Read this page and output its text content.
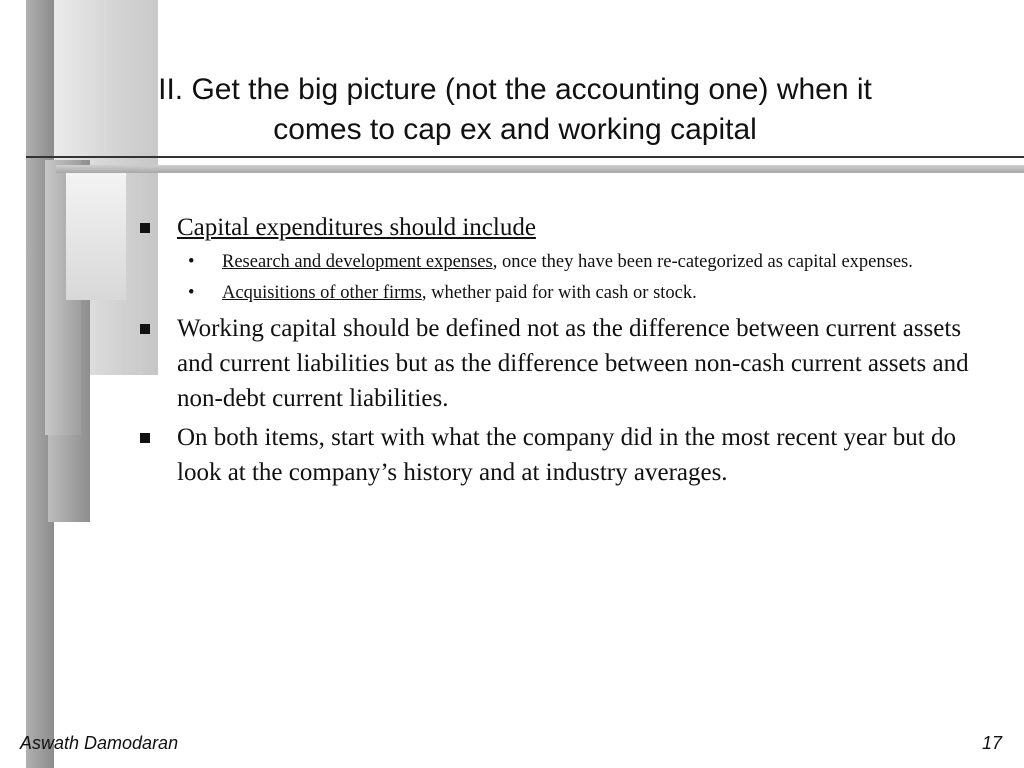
II. Get the big picture (not the accounting one) when it
comes to cap ex and working capital
Capital expenditures should include
• Research and development expenses, once they have been re-categorized as capital expenses.
• Acquisitions of other firms, whether paid for with cash or stock.
Working capital should be defined not as the difference between current assets and current liabilities but as the difference between non-cash current assets and non-debt current liabilities.
On both items, start with what the company did in the most recent year but do look at the company’s history and at industry averages.
Aswath Damodaran	17
